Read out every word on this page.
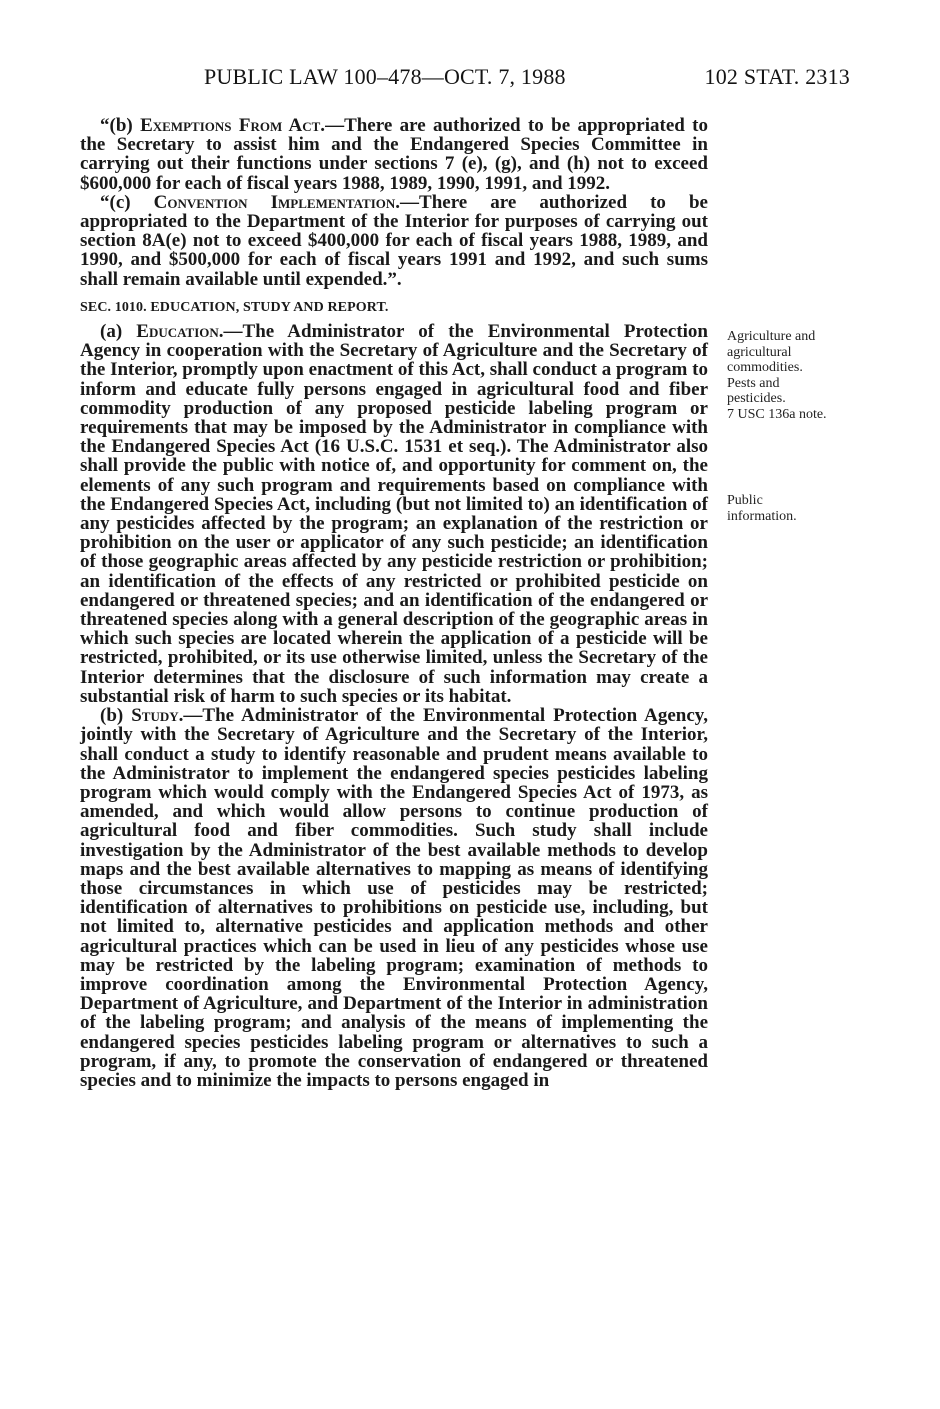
PUBLIC LAW 100–478—OCT. 7, 1988	102 STAT. 2313

“(b) Exemptions From Act.—There are authorized to be appropriated to the Secretary to assist him and the Endangered Species Committee in carrying out their functions under sections 7 (e), (g), and (h) not to exceed $600,000 for each of fiscal years 1988, 1989, 1990, 1991, and 1992.

“(c) Convention Implementation.—There are authorized to be appropriated to the Department of the Interior for purposes of carrying out section 8A(e) not to exceed $400,000 for each of fiscal years 1988, 1989, and 1990, and $500,000 for each of fiscal years 1991 and 1992, and such sums shall remain available until expended.”.

SEC. 1010. EDUCATION, STUDY AND REPORT.

(a) Education.—The Administrator of the Environmental Protection Agency in cooperation with the Secretary of Agriculture and the Secretary of the Interior, promptly upon enactment of this Act, shall conduct a program to inform and educate fully persons engaged in agricultural food and fiber commodity production of any proposed pesticide labeling program or requirements that may be imposed by the Administrator in compliance with the Endangered Species Act (16 U.S.C. 1531 et seq.). The Administrator also shall provide the public with notice of, and opportunity for comment on, the elements of any such program and requirements based on compliance with the Endangered Species Act, including (but not limited to) an identification of any pesticides affected by the program; an explanation of the restriction or prohibition on the user or applicator of any such pesticide; an identification of those geographic areas affected by any pesticide restriction or prohibition; an identification of the effects of any restricted or prohibited pesticide on endangered or threatened species; and an identification of the endangered or threatened species along with a general description of the geographic areas in which such species are located wherein the application of a pesticide will be restricted, prohibited, or its use otherwise limited, unless the Secretary of the Interior determines that the disclosure of such information may create a substantial risk of harm to such species or its habitat.

(b) Study.—The Administrator of the Environmental Protection Agency, jointly with the Secretary of Agriculture and the Secretary of the Interior, shall conduct a study to identify reasonable and prudent means available to the Administrator to implement the endangered species pesticides labeling program which would comply with the Endangered Species Act of 1973, as amended, and which would allow persons to continue production of agricultural food and fiber commodities. Such study shall include investigation by the Administrator of the best available methods to develop maps and the best available alternatives to mapping as means of identifying those circumstances in which use of pesticides may be restricted; identification of alternatives to prohibitions on pesticide use, including, but not limited to, alternative pesticides and application methods and other agricultural practices which can be used in lieu of any pesticides whose use may be restricted by the labeling program; examination of methods to improve coordination among the Environmental Protection Agency, Department of Agriculture, and Department of the Interior in administration of the labeling program; and analysis of the means of implementing the endangered species pesticides labeling program or alternatives to such a program, if any, to promote the conservation of endangered or threatened species and to minimize the impacts to persons engaged in

Agriculture and
agricultural
commodities.
Pests and
pesticides.
7 USC 136a note.
Public
information.
